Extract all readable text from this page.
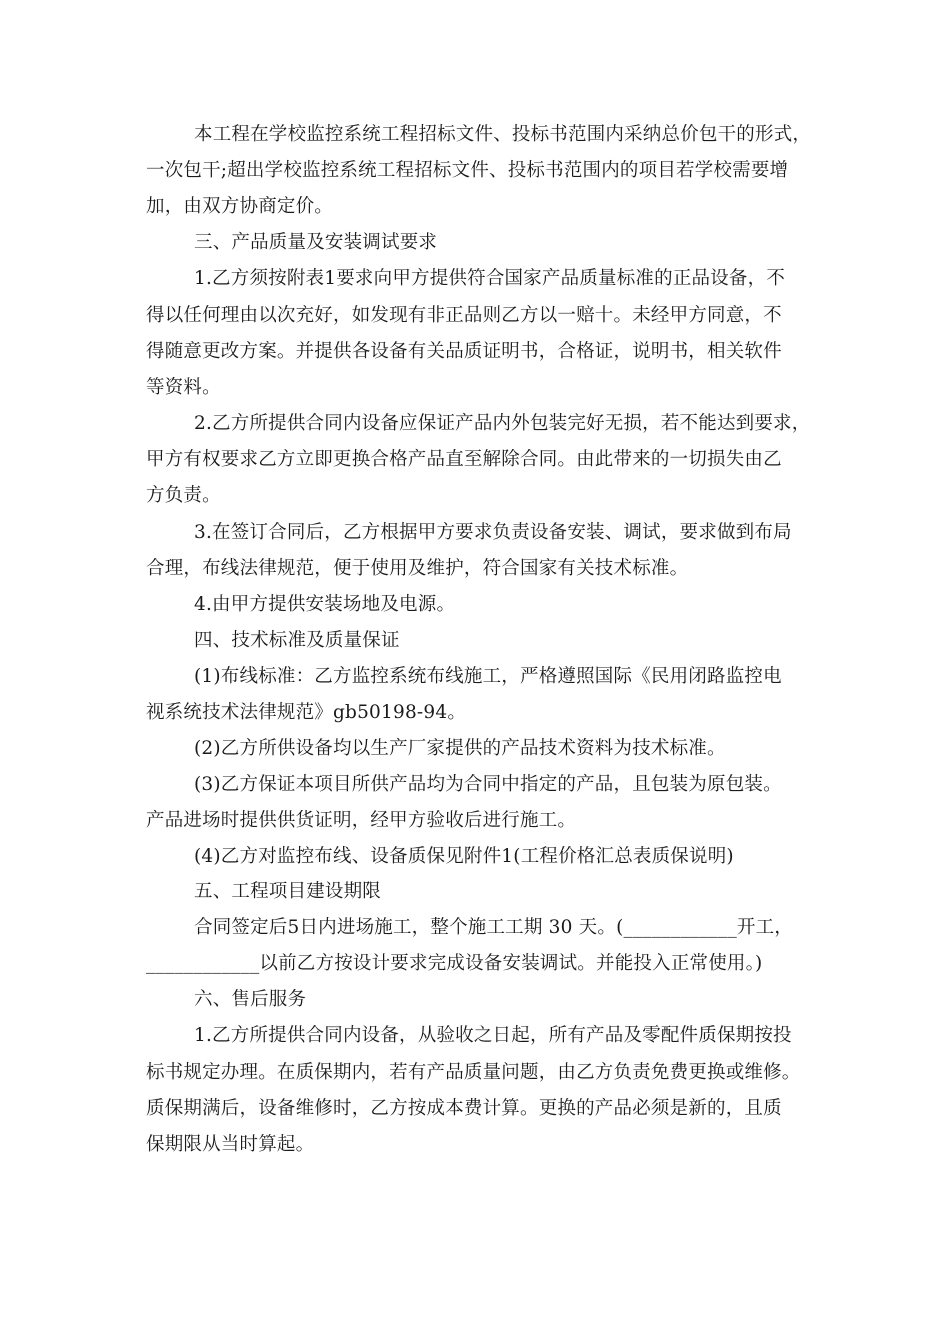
本工程在学校监控系统工程招标文件、投标书范围内采纳总价包干的形式，
一次包干;超出学校监控系统工程招标文件、投标书范围内的项目若学校需要增
加，由双方协商定价。
三、产品质量及安装调试要求
1.乙方须按附表1要求向甲方提供符合国家产品质量标准的正品设备，不
得以任何理由以次充好，如发现有非正品则乙方以一赔十。未经甲方同意，不
得随意更改方案。并提供各设备有关品质证明书，合格证，说明书，相关软件
等资料。
2.乙方所提供合同内设备应保证产品内外包装完好无损，若不能达到要求，
甲方有权要求乙方立即更换合格产品直至解除合同。由此带来的一切损失由乙
方负责。
3.在签订合同后，乙方根据甲方要求负责设备安装、调试，要求做到布局
合理，布线法律规范，便于使用及维护，符合国家有关技术标准。
4.由甲方提供安装场地及电源。
四、技术标准及质量保证
(1)布线标准：乙方监控系统布线施工，严格遵照国际《民用闭路监控电
视系统技术法律规范》gb50198-94。
(2)乙方所供设备均以生产厂家提供的产品技术资料为技术标准。
(3)乙方保证本项目所供产品均为合同中指定的产品，且包装为原包装。
产品进场时提供供货证明，经甲方验收后进行施工。
(4)乙方对监控布线、设备质保见附件1(工程价格汇总表质保说明)
五、工程项目建设期限
合同签定后5日内进场施工，整个施工工期 30 天。(____________开工，
____________以前乙方按设计要求完成设备安装调试。并能投入正常使用。)
六、售后服务
1.乙方所提供合同内设备，从验收之日起，所有产品及零配件质保期按投
标书规定办理。在质保期内，若有产品质量问题，由乙方负责免费更换或维修。
质保期满后，设备维修时，乙方按成本费计算。更换的产品必须是新的，且质
保期限从当时算起。
